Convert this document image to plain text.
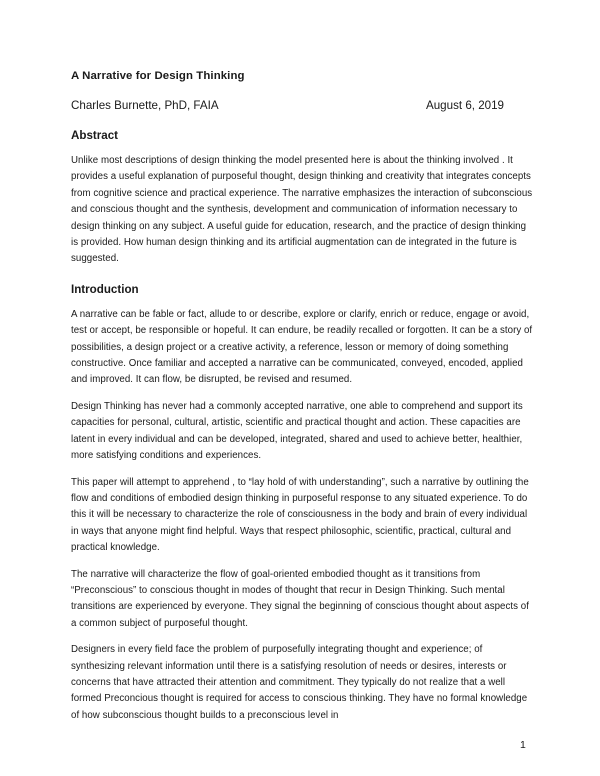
A Narrative for Design Thinking
Charles Burnette, PhD, FAIA	August 6, 2019
Abstract

Unlike most descriptions of design thinking the model presented here is about the thinking involved . It provides a useful explanation of purposeful thought, design thinking and creativity that integrates concepts from cognitive science and practical experience. The narrative emphasizes the interaction of subconscious and conscious thought and the synthesis, development and communication of information necessary to design thinking on any subject. A useful guide for education, research, and the practice of design thinking is provided. How human design thinking and its artificial augmentation can de integrated in the future is suggested.

Introduction

A narrative can be fable or fact, allude to or describe, explore or clarify, enrich or reduce, engage or avoid, test or accept, be responsible or hopeful. It can endure, be readily recalled or forgotten. It can be a story of possibilities, a design project or a creative activity, a reference, lesson or memory of doing something constructive. Once familiar and accepted a narrative can be communicated, conveyed, encoded, applied and improved. It can flow, be disrupted, be revised and resumed.

Design Thinking has never had a commonly accepted narrative, one able to comprehend and support its capacities for personal, cultural, artistic, scientific and practical thought and action. These capacities are latent in every individual and can be developed, integrated, shared and used to achieve better, healthier, more satisfying conditions and experiences.

This paper will attempt to apprehend , to “lay hold of with understanding”, such a narrative by outlining the flow and conditions of embodied design thinking in purposeful response to any situated experience. To do this it will be necessary to characterize the role of consciousness in the body and brain of every individual in ways that anyone might find helpful. Ways that respect philosophic, scientific, practical, cultural and practical knowledge.

The narrative will characterize the flow of goal-oriented embodied thought as it transitions from “Preconscious” to conscious thought in modes of thought that recur in Design Thinking. Such mental transitions are experienced by everyone. They signal the beginning of conscious thought about aspects of a common subject of purposeful thought.

Designers in every field face the problem of purposefully integrating thought and experience; of synthesizing relevant information until there is a satisfying resolution of needs or desires, interests or concerns that have attracted their attention and commitment. They typically do not realize that a well formed Preconcious thought is required for access to conscious thinking. They have no formal knowledge of how subconscious thought builds to a preconscious level in

1
